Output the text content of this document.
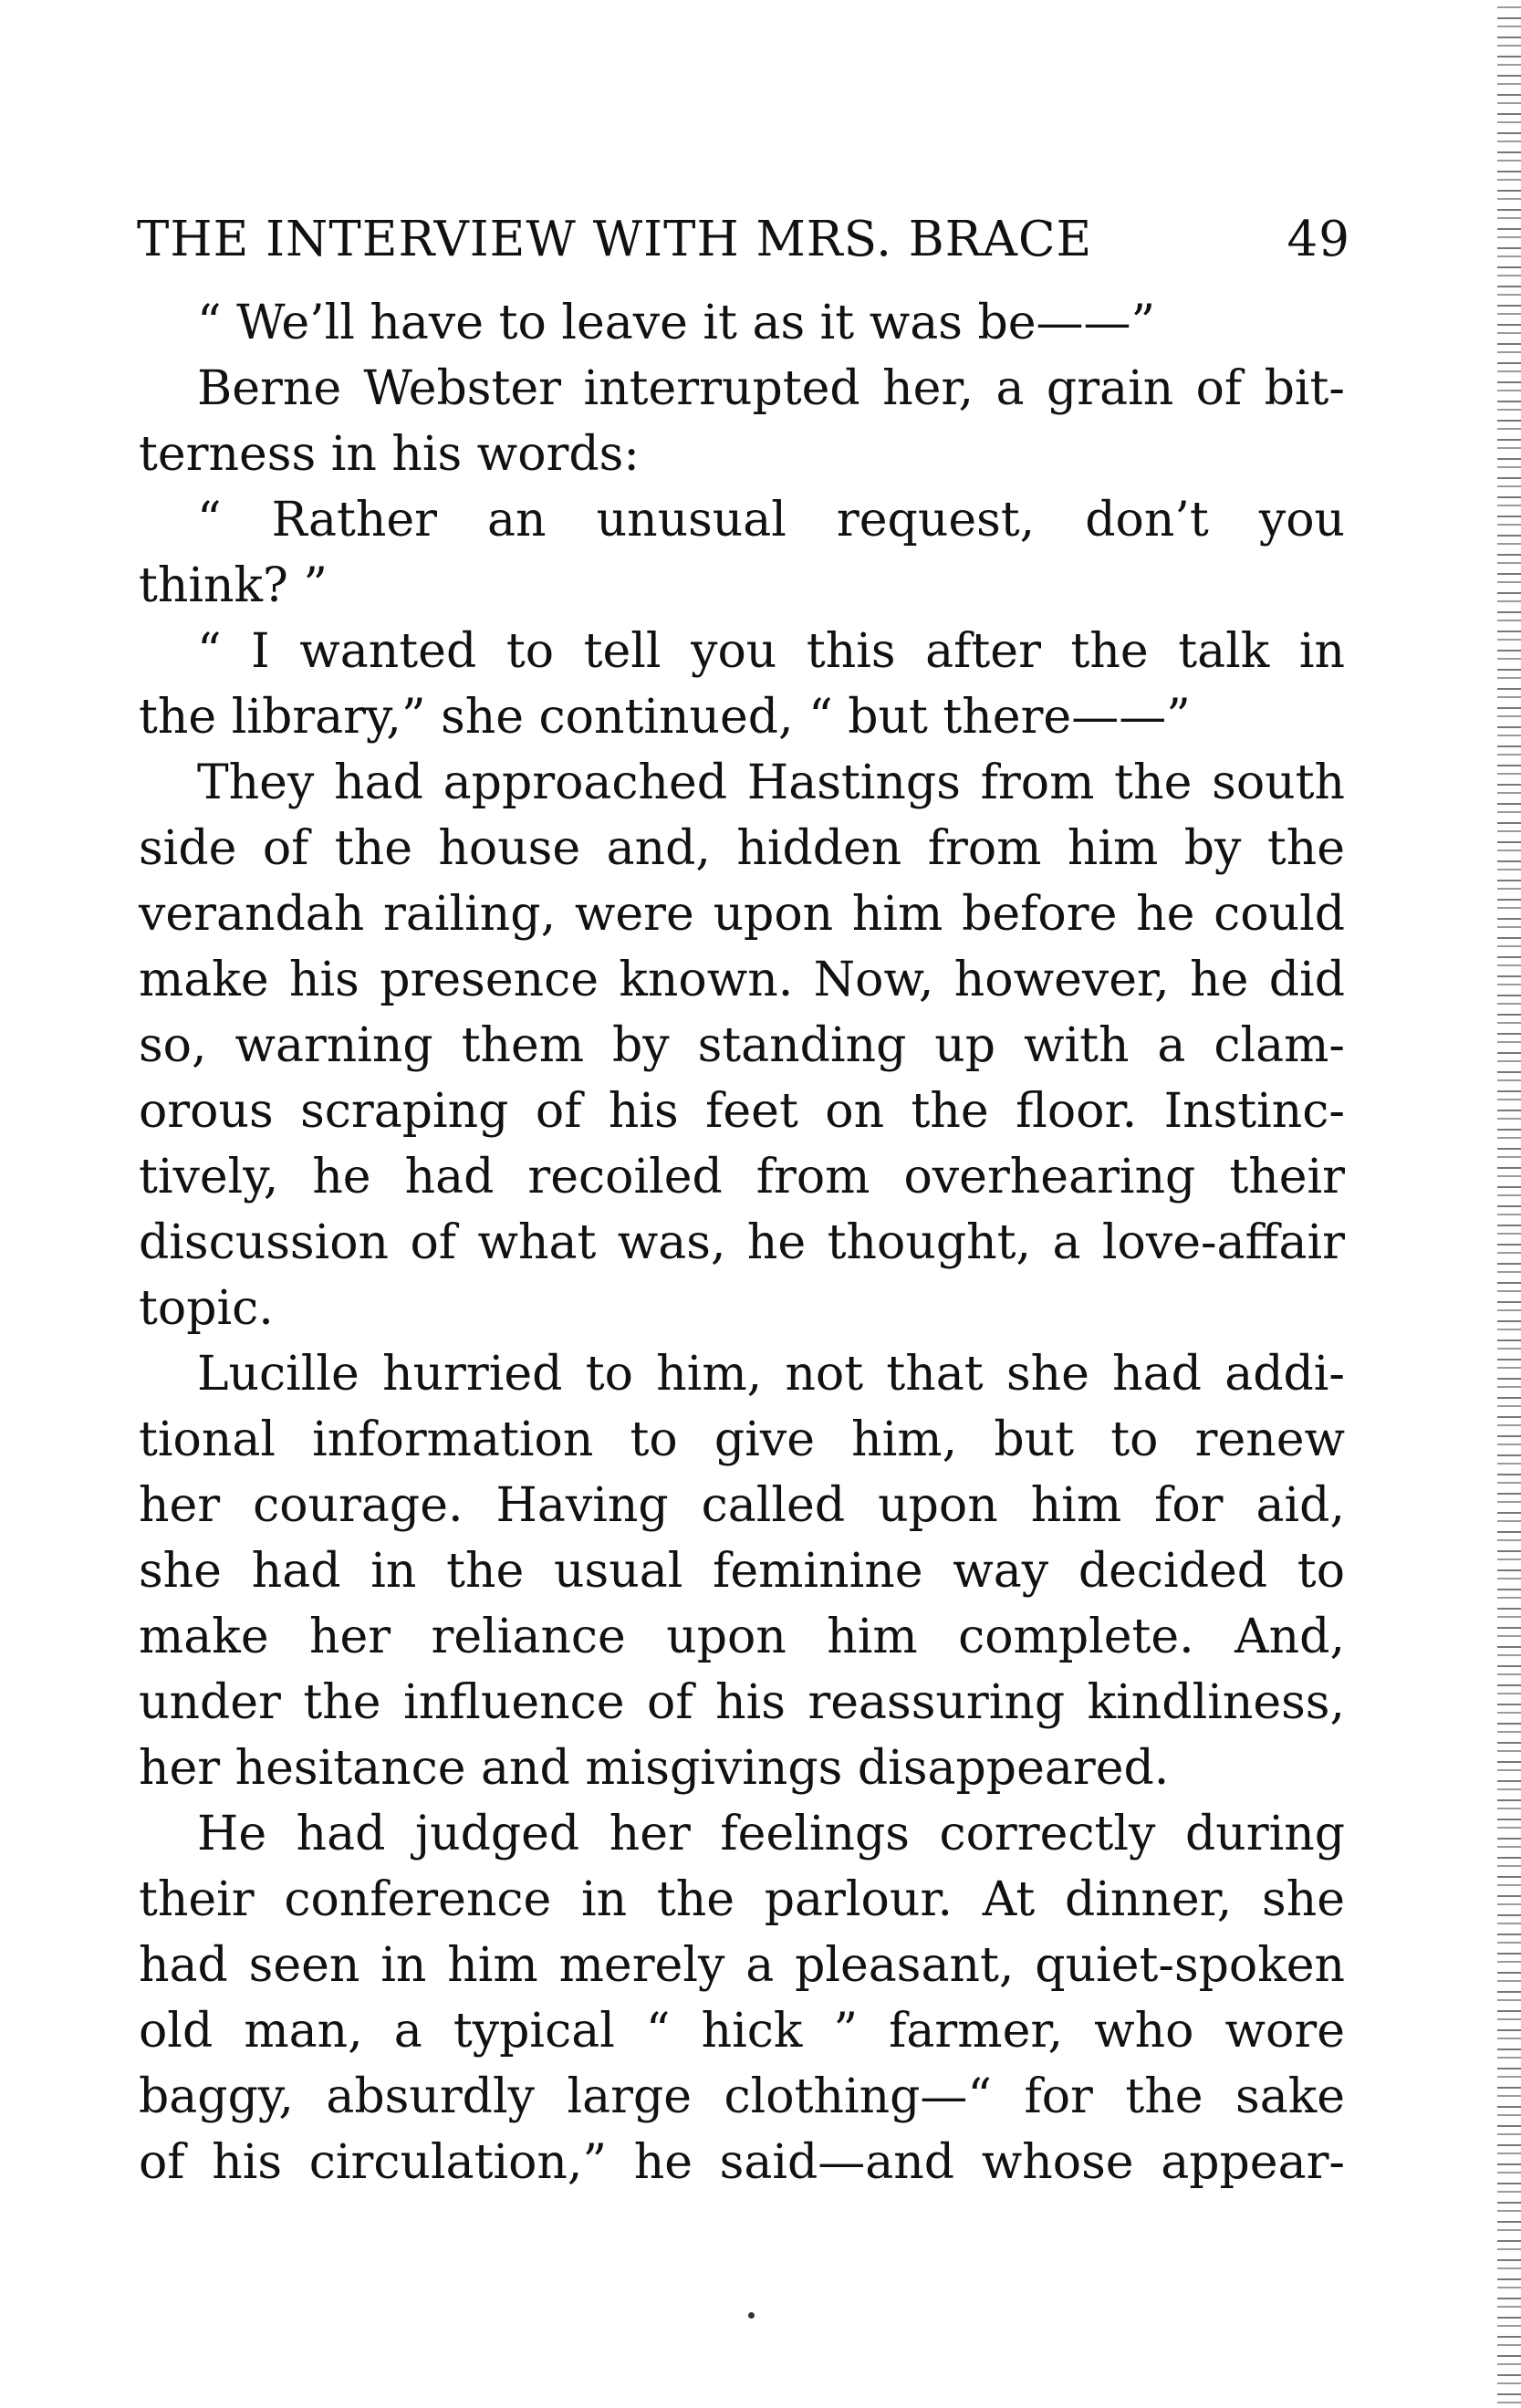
THE INTERVIEW WITH MRS. BRACE	49
“ We’ll have to leave it as it was be——”
Berne Webster interrupted her, a grain of bit-
terness in his words:
“ Rather an unusual request, don’t you
think? ”
“ I wanted to tell you this after the talk in
the library,” she continued, “ but there——”
They had approached Hastings from the south
side of the house and, hidden from him by the
verandah railing, were upon him before he could
make his presence known. Now, however, he did
so, warning them by standing up with a clam-
orous scraping of his feet on the floor. Instinc-
tively, he had recoiled from overhearing their
discussion of what was, he thought, a love-affair
topic.
Lucille hurried to him, not that she had addi-
tional information to give him, but to renew
her courage. Having called upon him for aid,
she had in the usual feminine way decided to
make her reliance upon him complete. And,
under the influence of his reassuring kindliness,
her hesitance and misgivings disappeared.
He had judged her feelings correctly during
their conference in the parlour. At dinner, she
had seen in him merely a pleasant, quiet-spoken
old man, a typical “ hick ” farmer, who wore
baggy, absurdly large clothing—“ for the sake
of his circulation,” he said—and whose appear-
